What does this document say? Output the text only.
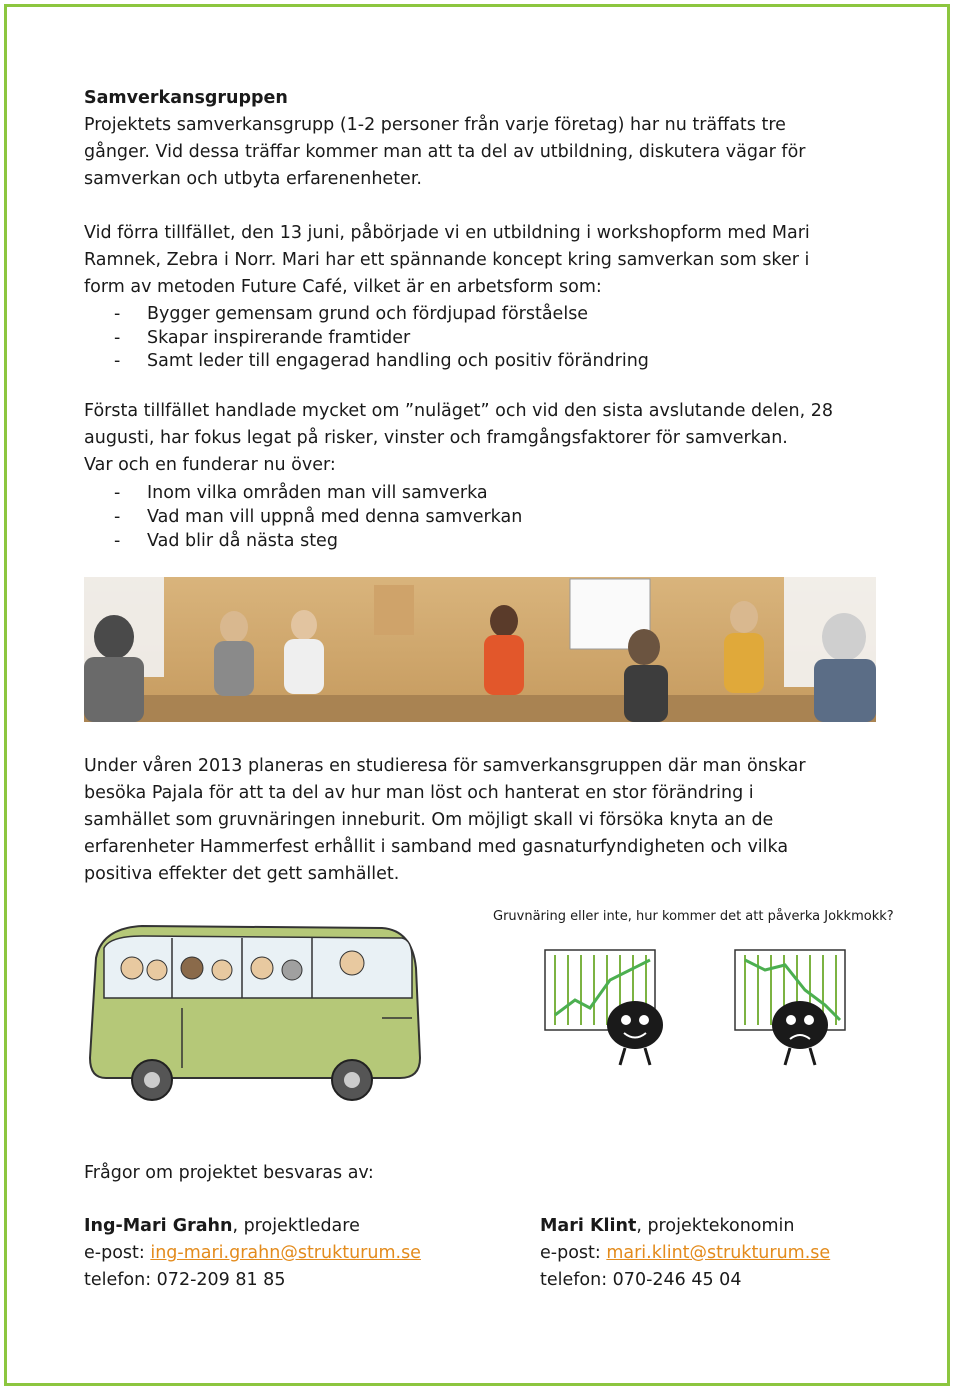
Samverkansgruppen
Projektets samverkansgrupp (1-2 personer från varje företag) har nu träffats tre
gånger. Vid dessa träffar kommer man att ta del av utbildning, diskutera vägar för
samverkan och utbyta erfarenenheter.
Vid förra tillfället, den 13 juni, påbörjade vi en utbildning i workshopform med Mari
Ramnek, Zebra i Norr. Mari har ett spännande koncept kring samverkan som sker i
form av metoden Future Café, vilket är en arbetsform som:
- Bygger gemensam grund och fördjupad förståelse
- Skapar inspirerande framtider
- Samt leder till engagerad handling och positiv förändring
Första tillfället handlade mycket om ”nuläget” och vid den sista avslutande delen, 28
augusti, har fokus legat på risker, vinster och framgångsfaktorer för samverkan.
Var och en funderar nu över:
- Inom vilka områden man vill samverka
- Vad man vill uppnå med denna samverkan
- Vad blir då nästa steg
Under våren 2013 planeras en studieresa för samverkansgruppen där man önskar
besöka Pajala för att ta del av hur man löst och hanterat en stor förändring i
samhället som gruvnäringen inneburit. Om möjligt skall vi försöka knyta an de
erfarenheter Hammerfest erhållit i samband med gasnaturfyndigheten och vilka
positiva effekter det gett samhället.
Gruvnäring eller inte, hur kommer det att påverka Jokkmokk?
Frågor om projektet besvaras av:
Ing-Mari Grahn, projektledare
e-post: ing-mari.grahn@strukturum.se
telefon: 072-209 81 85
Mari Klint, projektekonomin
e-post: mari.klint@strukturum.se
telefon: 070-246 45 04
